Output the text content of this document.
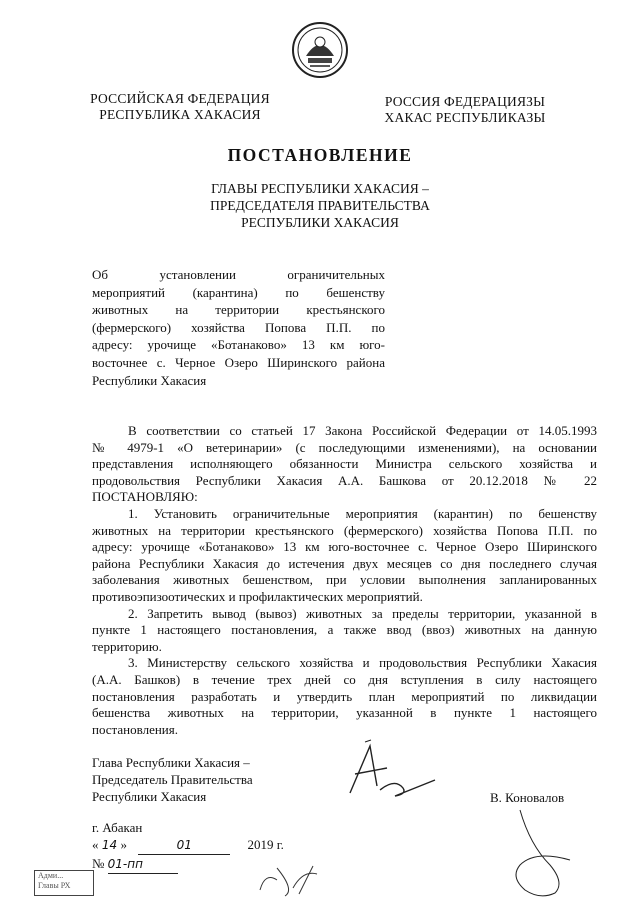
РОССИЙСКАЯ ФЕДЕРАЦИЯ
РЕСПУБЛИКА ХАКАСИЯ
РОССИЯ ФЕДЕРАЦИЯЗЫ
ХАКАС РЕСПУБЛИКАЗЫ
ПОСТАНОВЛЕНИЕ
ГЛАВЫ РЕСПУБЛИКИ ХАКАСИЯ –
ПРЕДСЕДАТЕЛЯ ПРАВИТЕЛЬСТВА
РЕСПУБЛИКИ ХАКАСИЯ
Об установлении ограничительных
мероприятий (карантина) по бешенству
животных на территории крестьянского
(фермерского) хозяйства Попова П.П. по
адресу: урочище «Ботанаково» 13 км юго-
восточнее с. Черное Озеро Ширинского района
Республики Хакасия
В соответствии со статьей 17 Закона Российской Федерации от 14.05.1993
№ 4979-1 «О ветеринарии» (с последующими изменениями), на основании
представления исполняющего обязанности Министра сельского хозяйства и
продовольствия Республики Хакасия А.А. Башкова от 20.12.2018 № 22
ПОСТАНОВЛЯЮ:
1. Установить ограничительные мероприятия (карантин) по бешенству
животных на территории крестьянского (фермерского) хозяйства Попова П.П. по
адресу: урочище «Ботанаково» 13 км юго-восточнее с. Черное Озеро Ширинского
района Республики Хакасия до истечения двух месяцев со дня последнего случая
заболевания животных бешенством, при условии выполнения запланированных
противоэпизоотических и профилактических мероприятий.
2. Запретить вывод (вывоз) животных за пределы территории, указанной в
пункте 1 настоящего постановления, а также ввод (ввоз) животных на данную
территорию.
3. Министерству сельского хозяйства и продовольствия Республики Хакасия
(А.А. Башков) в течение трех дней со дня вступления в силу настоящего
постановления разработать и утвердить план мероприятий по ликвидации
бешенства животных на территории, указанной в пункте 1 настоящего
постановления.
Глава Республики Хакасия –
Председатель Правительства
Республики Хакасия	В. Коновалов
г. Абакан
« 14 »	01	2019 г.
№ 01-пп
Адми...
Главы РХ
